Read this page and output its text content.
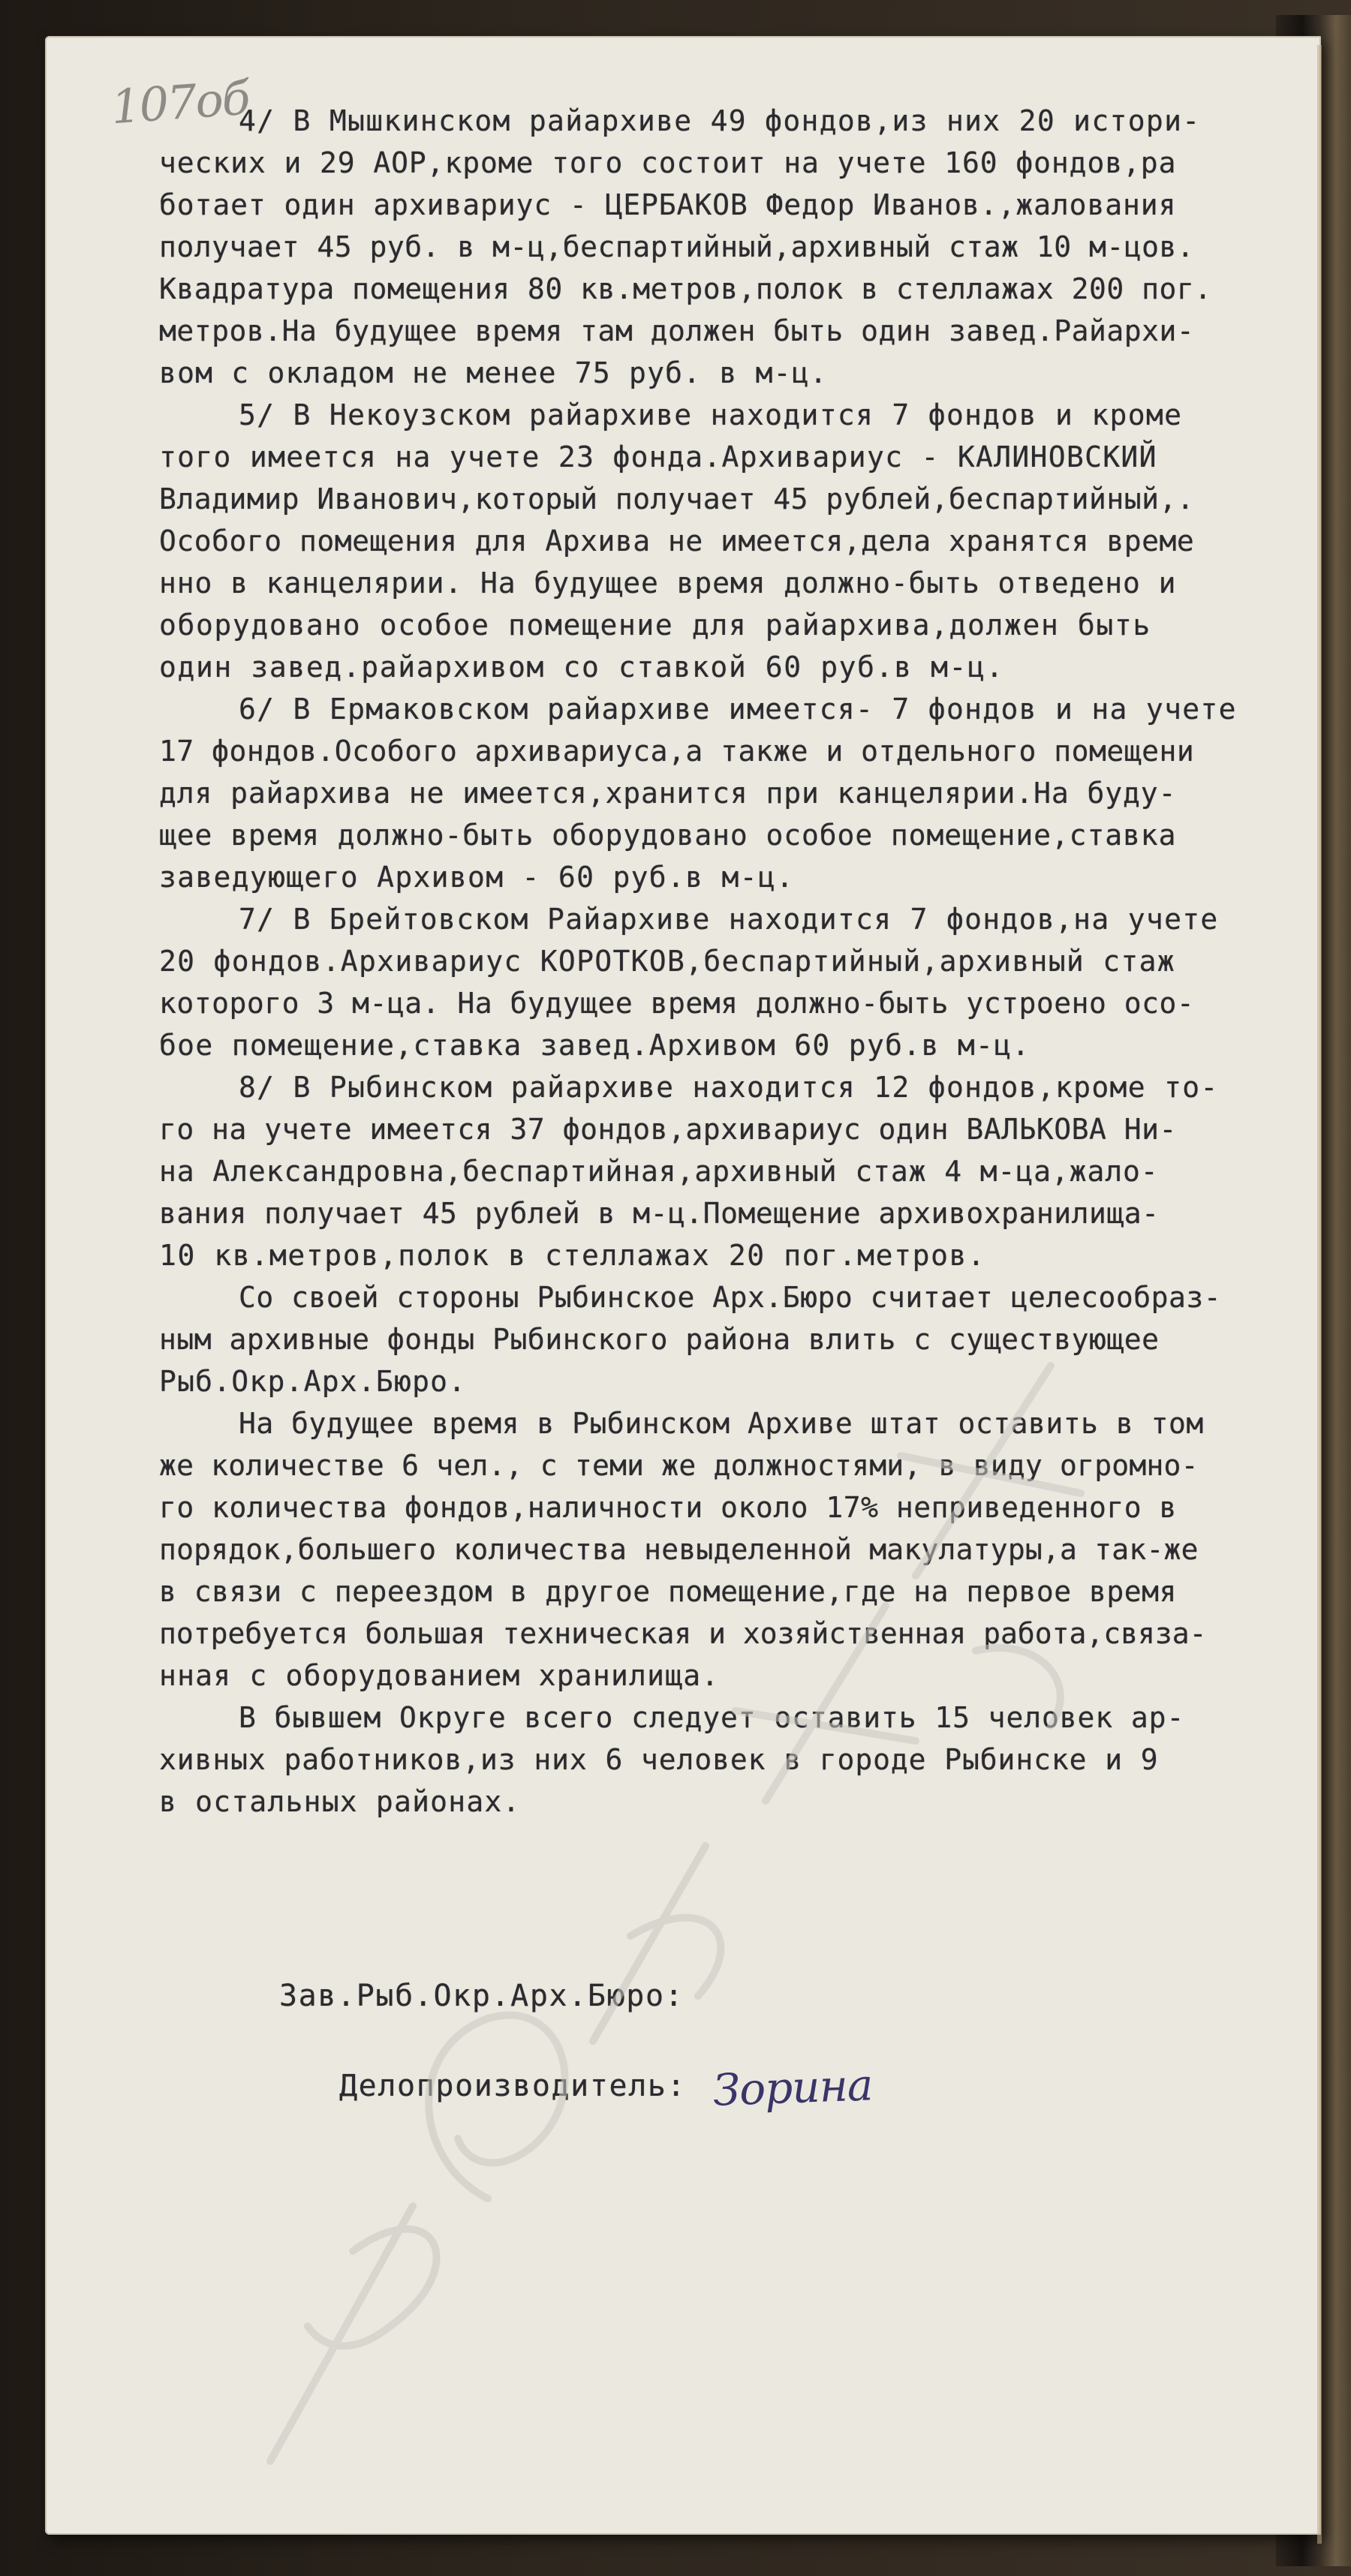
107об
4/ В Мышкинском райархиве 49 фондов,из них 20 истори-
ческих и 29 АОР,кроме того состоит на учете 160 фондов,ра
ботает один архивариус - ЦЕРБАКОВ Федор Иванов.,жалования
получает 45 руб. в м-ц,беспартийный,архивный стаж 10 м-цов.
Квадратура помещения 80 кв.метров,полок в стеллажах 200 пог.
метров.На будущее время там должен быть один завед.Райархи-
вом с окладом не менее 75 руб. в м-ц.
5/ В Некоузском райархиве находится 7 фондов и кроме
того имеется на учете 23 фонда.Архивариус - КАЛИНОВСКИЙ
Владимир Иванович,который получает 45 рублей,беспартийный,.
Особого помещения для Архива не имеется,дела хранятся време
нно в канцелярии. На будущее время должно-быть отведено и
оборудовано особое помещение для райархива,должен быть
один завед.райархивом со ставкой 60 руб.в м-ц.
6/ В Ермаковском райархиве имеется- 7 фондов и на учете
17 фондов.Особого архивариуса,а также и отдельного помещени
для райархива не имеется,хранится при канцелярии.На буду-
щее время должно-быть оборудовано особое помещение,ставка
заведующего Архивом - 60 руб.в м-ц.
7/ В Брейтовском Райархиве находится 7 фондов,на учете
20 фондов.Архивариус КОРОТКОВ,беспартийный,архивный стаж
которого 3 м-ца. На будущее время должно-быть устроено осо-
бое помещение,ставка завед.Архивом 60 руб.в м-ц.
8/ В Рыбинском райархиве находится 12 фондов,кроме то-
го на учете имеется 37 фондов,архивариус один ВАЛЬКОВА Ни-
на Александровна,беспартийная,архивный стаж 4 м-ца,жало-
вания получает 45 рублей в м-ц.Помещение архивохранилища-
10 кв.метров,полок в стеллажах 20 пог.метров.
Со своей стороны Рыбинское Арх.Бюро считает целесообраз-
ным архивные фонды Рыбинского района влить с существующее
Рыб.Окр.Арх.Бюро.
На будущее время в Рыбинском Архиве штат оставить в том
же количестве 6 чел., с теми же должностями, в виду огромно-
го количества фондов,наличности около 17% неприведенного в
порядок,большего количества невыделенной макулатуры,а так-же
в связи с переездом в другое помещение,где на первое время
потребуется большая техническая и хозяйственная работа,связа-
нная с оборудованием хранилища.
В бывшем Округе всего следует оставить 15 человек ар-
хивных работников,из них 6 человек в городе Рыбинске и 9
в остальных районах.
Зав.Рыб.Окр.Арх.Бюро:
Делопроизводитель: Зорина
